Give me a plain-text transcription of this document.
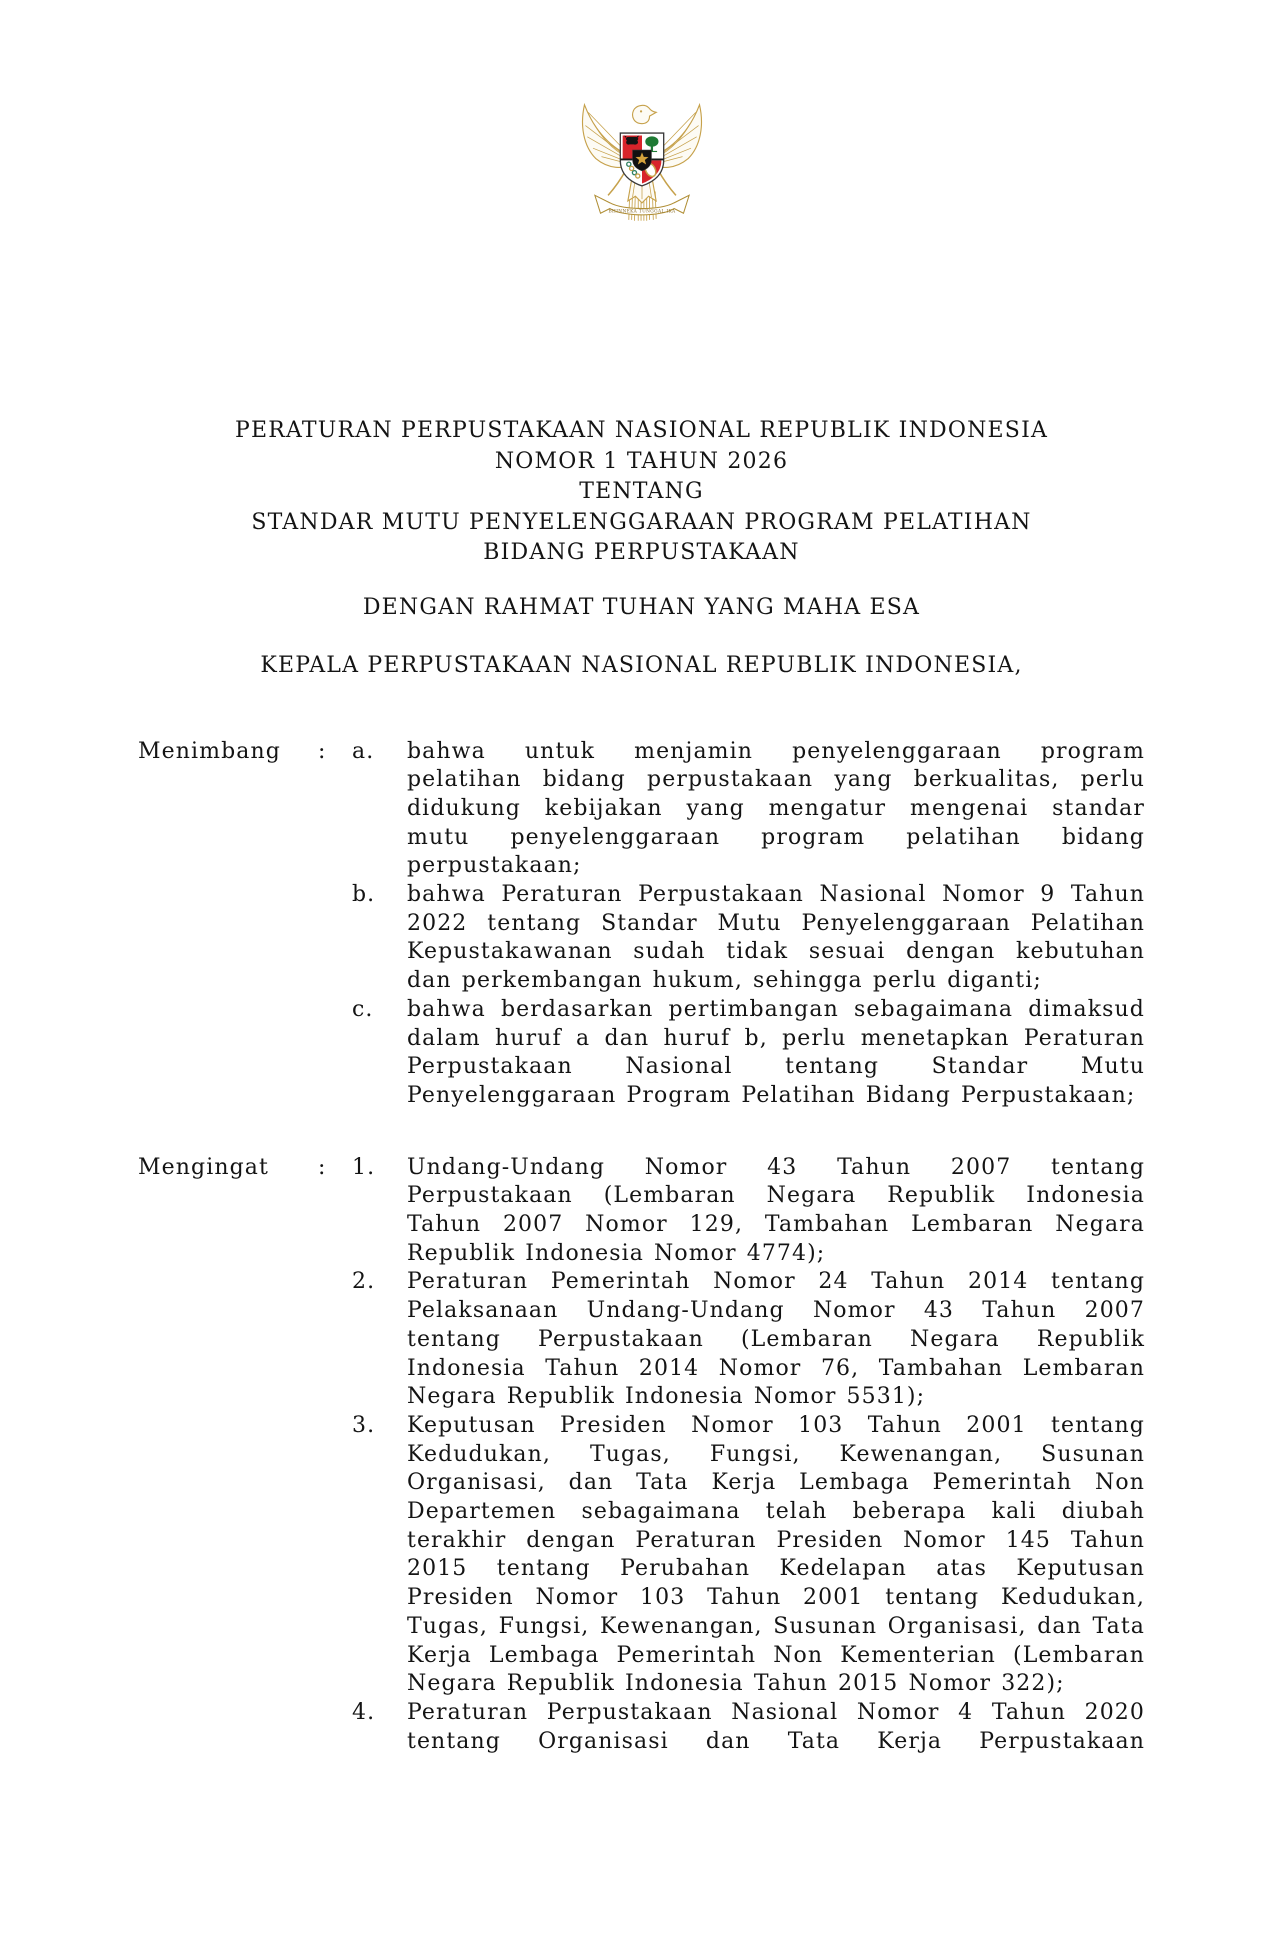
BHINNEKA TUNGGAL IKA
PERATURAN PERPUSTAKAAN NASIONAL REPUBLIK INDONESIA
NOMOR 1 TAHUN 2026
TENTANG
STANDAR MUTU PENYELENGGARAAN PROGRAM PELATIHAN
BIDANG PERPUSTAKAAN
DENGAN RAHMAT TUHAN YANG MAHA ESA
KEPALA PERPUSTAKAAN NASIONAL REPUBLIK INDONESIA,
Menimbang	:	a.	bahwa untuk menjamin penyelenggaraan program pelatihan bidang perpustakaan yang berkualitas, perlu didukung kebijakan yang mengatur mengenai standar mutu penyelenggaraan program pelatihan bidang perpustakaan;
b.	bahwa Peraturan Perpustakaan Nasional Nomor 9 Tahun 2022 tentang Standar Mutu Penyelenggaraan Pelatihan Kepustakawanan sudah tidak sesuai dengan kebutuhan dan perkembangan hukum, sehingga perlu diganti;
c.	bahwa berdasarkan pertimbangan sebagaimana dimaksud dalam huruf a dan huruf b, perlu menetapkan Peraturan Perpustakaan Nasional tentang Standar Mutu Penyelenggaraan Program Pelatihan Bidang Perpustakaan;
Mengingat	:	1.	Undang-Undang Nomor 43 Tahun 2007 tentang Perpustakaan (Lembaran Negara Republik Indonesia Tahun 2007 Nomor 129, Tambahan Lembaran Negara Republik Indonesia Nomor 4774);
2.	Peraturan Pemerintah Nomor 24 Tahun 2014 tentang Pelaksanaan Undang-Undang Nomor 43 Tahun 2007 tentang Perpustakaan (Lembaran Negara Republik Indonesia Tahun 2014 Nomor 76, Tambahan Lembaran Negara Republik Indonesia Nomor 5531);
3.	Keputusan Presiden Nomor 103 Tahun 2001 tentang Kedudukan, Tugas, Fungsi, Kewenangan, Susunan Organisasi, dan Tata Kerja Lembaga Pemerintah Non Departemen sebagaimana telah beberapa kali diubah terakhir dengan Peraturan Presiden Nomor 145 Tahun 2015 tentang Perubahan Kedelapan atas Keputusan Presiden Nomor 103 Tahun 2001 tentang Kedudukan, Tugas, Fungsi, Kewenangan, Susunan Organisasi, dan Tata Kerja Lembaga Pemerintah Non Kementerian (Lembaran Negara Republik Indonesia Tahun 2015 Nomor 322);
4.	Peraturan Perpustakaan Nasional Nomor 4 Tahun 2020 tentang Organisasi dan Tata Kerja Perpustakaan
